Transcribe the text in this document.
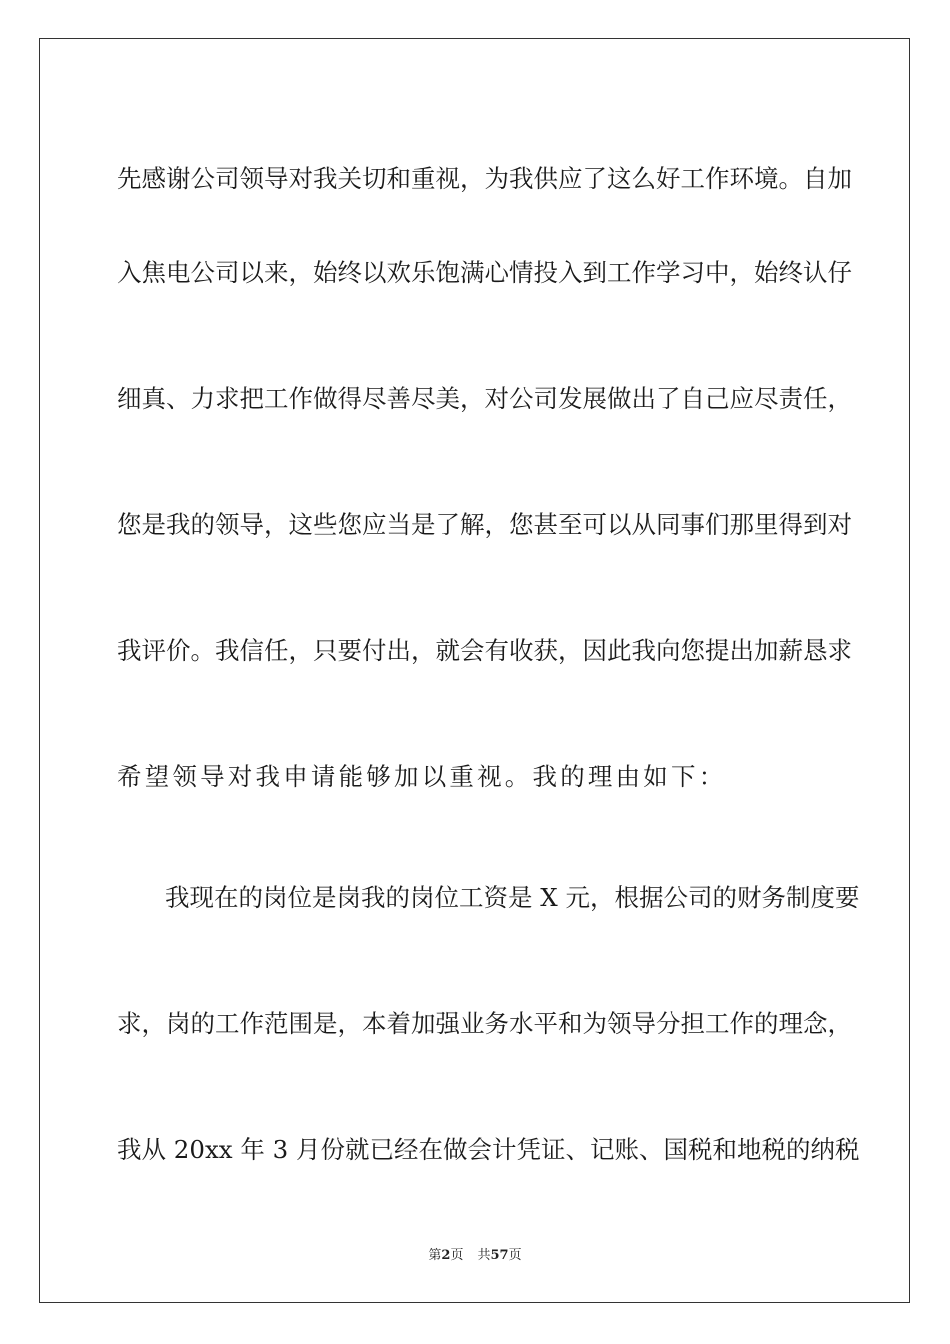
先感谢公司领导对我关切和重视，为我供应了这么好工作环境。自加
入焦电公司以来，始终以欢乐饱满心情投入到工作学习中，始终认仔
细真、力求把工作做得尽善尽美，对公司发展做出了自己应尽责任，
您是我的领导，这些您应当是了解，您甚至可以从同事们那里得到对
我评价。我信任，只要付出，就会有收获，因此我向您提出加薪恳求
希望领导对我申请能够加以重视。我的理由如下：
我现在的岗位是岗我的岗位工资是 X 元，根据公司的财务制度要
求，岗的工作范围是，本着加强业务水平和为领导分担工作的理念，
我从 20xx 年 3 月份就已经在做会计凭证、记账、国税和地税的纳税
第2页 共57页
